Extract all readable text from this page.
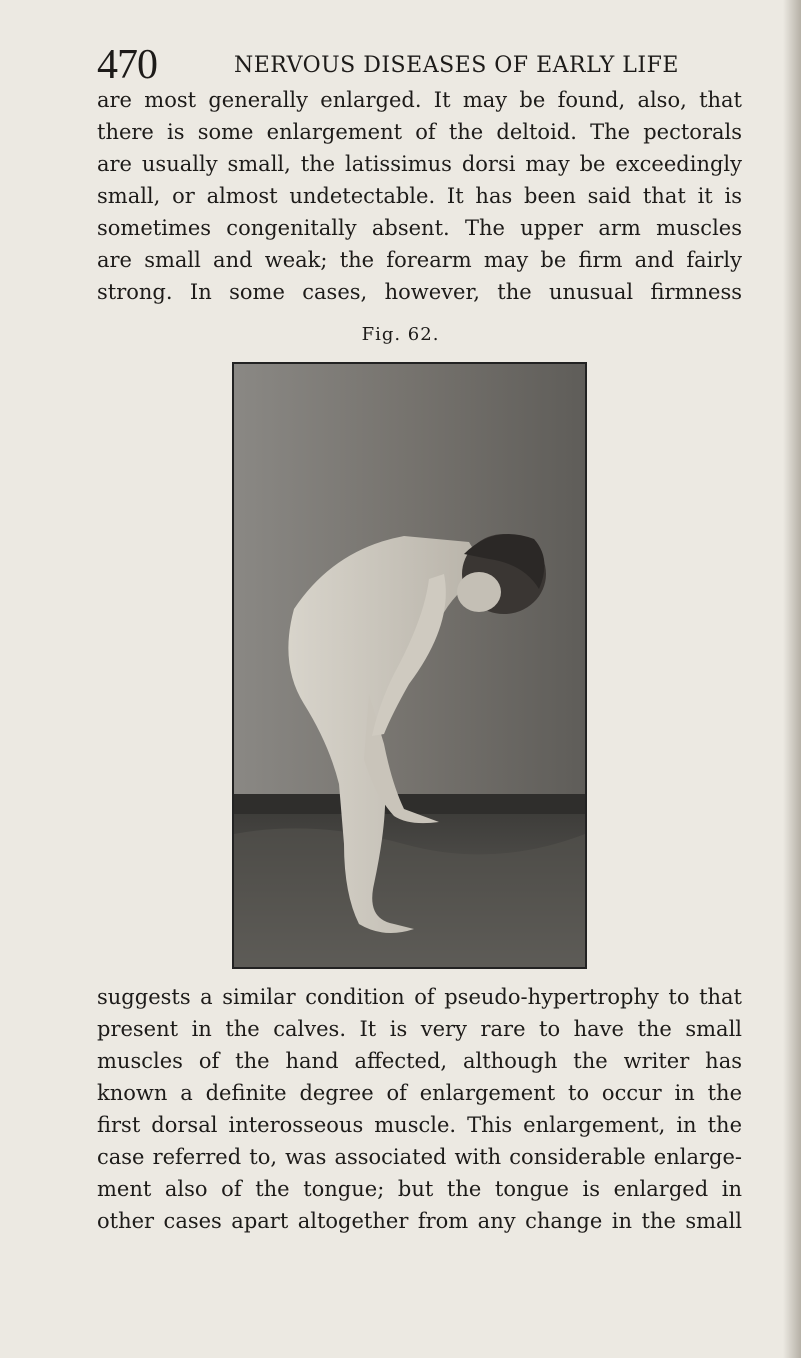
470	NERVOUS DISEASES OF EARLY LIFE
are most generally enlarged. It may be found, also, that
there is some enlargement of the deltoid. The pectorals
are usually small, the latissimus dorsi may be exceedingly
small, or almost undetectable. It has been said that it is
sometimes congenitally absent. The upper arm muscles
are small and weak; the forearm may be firm and fairly
strong. In some cases, however, the unusual firmness
Fig. 62.
suggests a similar condition of pseudo-hypertrophy to that
present in the calves. It is very rare to have the small
muscles of the hand affected, although the writer has
known a definite degree of enlargement to occur in the
first dorsal interosseous muscle. This enlargement, in the
case referred to, was associated with considerable enlarge-
ment also of the tongue; but the tongue is enlarged in
other cases apart altogether from any change in the small
